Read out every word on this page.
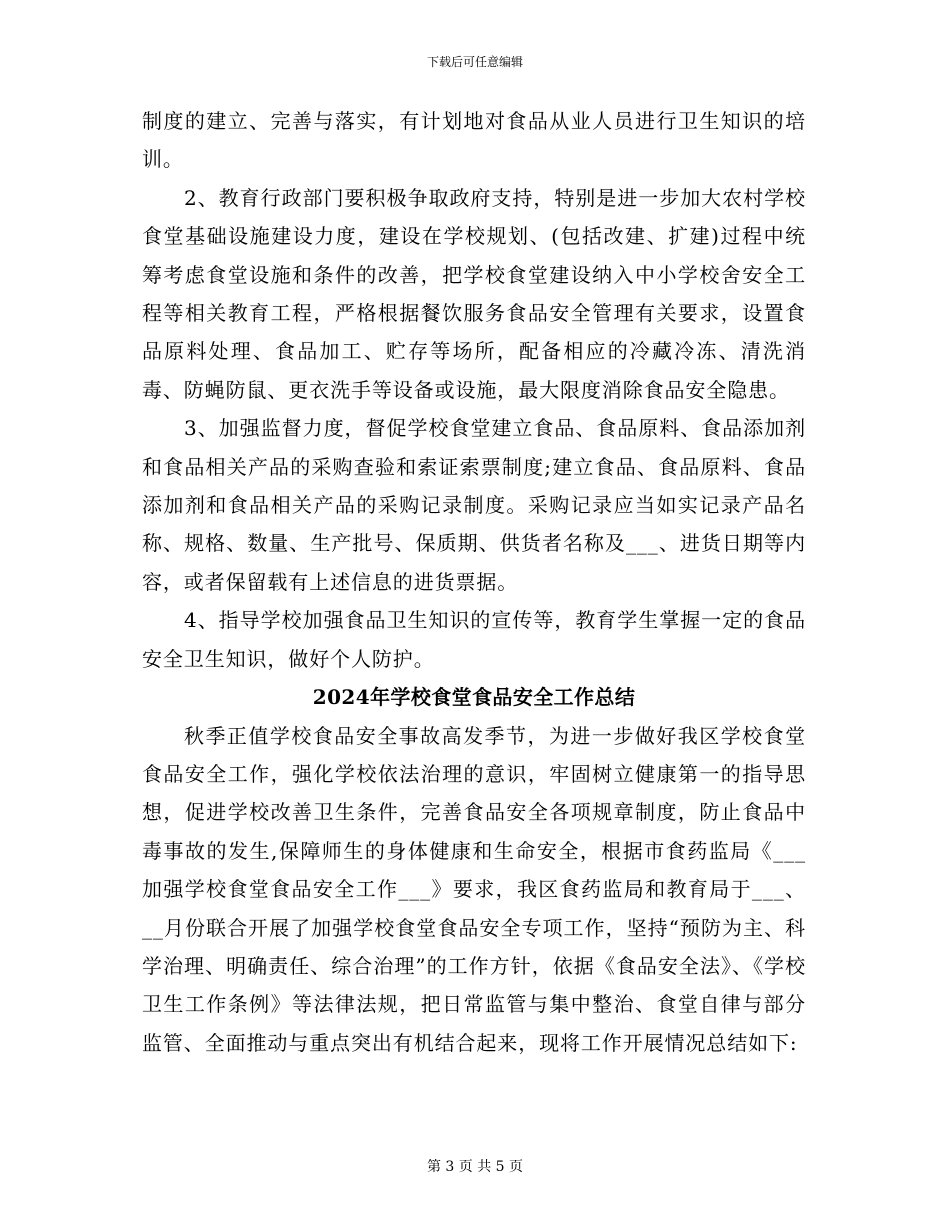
下载后可任意编辑

制度的建立、完善与落实，有计划地对食品从业人员进行卫生知识的培训。

2、教育行政部门要积极争取政府支持，特别是进一步加大农村学校食堂基础设施建设力度，建设在学校规划、(包括改建、扩建)过程中统筹考虑食堂设施和条件的改善，把学校食堂建设纳入中小学校舍安全工程等相关教育工程，严格根据餐饮服务食品安全管理有关要求，设置食品原料处理、食品加工、贮存等场所，配备相应的冷藏冷冻、清洗消毒、防蝇防鼠、更衣洗手等设备或设施，最大限度消除食品安全隐患。

3、加强监督力度，督促学校食堂建立食品、食品原料、食品添加剂和食品相关产品的采购查验和索证索票制度;建立食品、食品原料、食品添加剂和食品相关产品的采购记录制度。采购记录应当如实记录产品名称、规格、数量、生产批号、保质期、供货者名称及___、进货日期等内容，或者保留载有上述信息的进货票据。

4、指导学校加强食品卫生知识的宣传等，教育学生掌握一定的食品安全卫生知识，做好个人防护。

2024年学校食堂食品安全工作总结

秋季正值学校食品安全事故高发季节，为进一步做好我区学校食堂食品安全工作，强化学校依法治理的意识，牢固树立健康第一的指导思想，促进学校改善卫生条件，完善食品安全各项规章制度，防止食品中毒事故的发生,保障师生的身体健康和生命安全，根据市食药监局《___加强学校食堂食品安全工作___》要求，我区食药监局和教育局于___、__月份联合开展了加强学校食堂食品安全专项工作，坚持“预防为主、科学治理、明确责任、综合治理”的工作方针，依据《食品安全法》、《学校卫生工作条例》等法律法规，把日常监管与集中整治、食堂自律与部分监管、全面推动与重点突出有机结合起来，现将工作开展情况总结如下:

第 3 页 共 5 页
